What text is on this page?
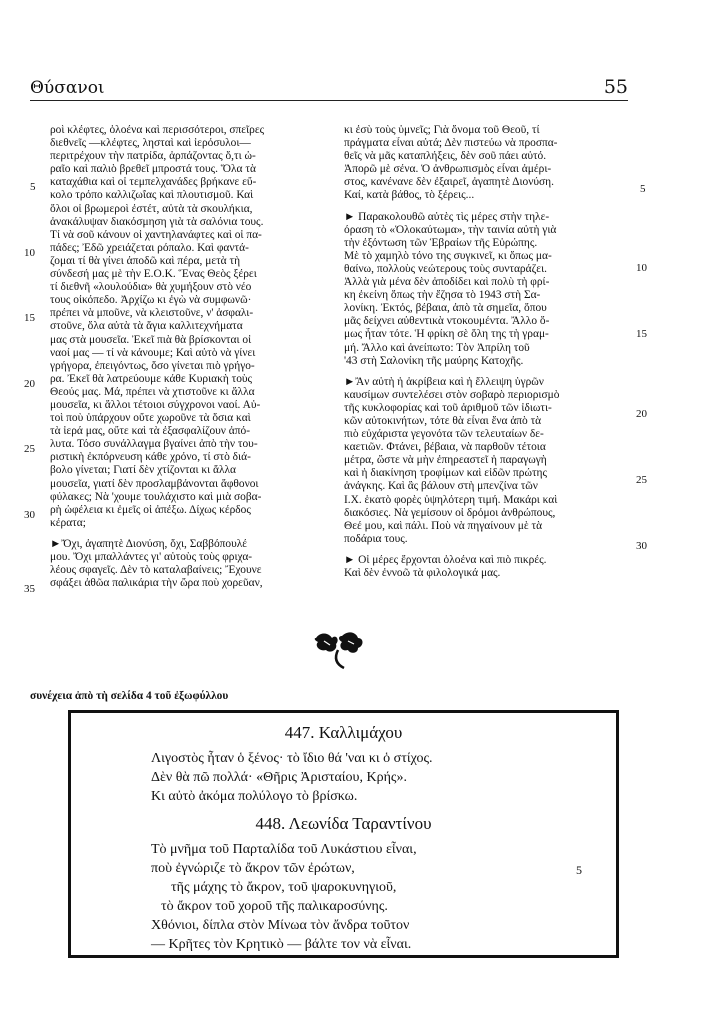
Θύσανοι	55
ροὶ κλέφτες, ὁλοένα καὶ περισσότεροι, σπεῖρες
διεθνεῖς —κλέφτες, λησταὶ καὶ ἱερόσυλοι—
περιτρέχουν τὴν πατρίδα, ἁρπάζοντας ὅ,τι ὡ-
ραῖο καὶ παλιὸ βρεθεῖ μπροστά τους. Ὅλα τὰ
καταχάθια καὶ οἱ τεμπελχανάδες βρήκανε εὔ-
κολο τρόπο καλλιζωΐας καὶ πλουτισμοῦ. Καὶ
ὅλοι οἱ βρωμεροὶ ἐστέτ, αὐτὰ τὰ σκουλήκια,
ἀνακάλυψαν διακόσμηση γιὰ τὰ σαλόνια τους.
Τί νὰ σοῦ κάνουν οἱ χαντηλανάφτες καὶ οἱ πα-
πάδες; Ἐδῶ χρειάζεται ρόπαλο. Καὶ φαντά-
ζομαι τί θὰ γίνει ἀποδῶ καὶ πέρα, μετὰ τὴ
σύνδεσή μας μὲ τὴν Ε.Ο.Κ. Ἕνας Θεὸς ξέρει
τί διεθνῆ «λουλούδια» θὰ χυμήξουν στὸ νέο
τους οἰκόπεδο. Ἀρχίζω κι ἐγὼ νὰ συμφωνῶ·
πρέπει νὰ μποῦνε, νὰ κλειστοῦνε, ν' ἀσφαλι-
στοῦνε, ὅλα αὐτὰ τὰ ἅγια καλλιτεχνήματα
μας στὰ μουσεῖα. Ἐκεῖ πιὰ θὰ βρίσκονται οἱ
ναοί μας — τί νὰ κάνουμε; Καὶ αὐτὸ νὰ γίνει
γρήγορα, ἐπειγόντως, ὅσο γίνεται πιὸ γρήγο-
ρα. Ἐκεῖ θὰ λατρεύουμε κάθε Κυριακὴ τοὺς
Θεούς μας. Μά, πρέπει νὰ χτιστοῦνε κι ἄλλα
μουσεῖα, κι ἄλλοι τέτοιοι σύγχρονοι ναοί. Αὐ-
τοὶ ποὺ ὑπάρχουν οὔτε χωροῦνε τὰ ὅσια καὶ
τὰ ἱερά μας, οὔτε καὶ τὰ ἐξασφαλίζουν ἀπό-
λυτα. Τόσο συνάλλαγμα βγαίνει ἀπὸ τὴν του-
ριστικὴ ἐκπόρνευση κάθε χρόνο, τί στὸ διά-
βολο γίνεται; Γιατί δὲν χτίζονται κι ἄλλα
μουσεῖα, γιατί δὲν προσλαμβάνονται ἄφθονοι
φύλακες; Νὰ 'χουμε τουλάχιστο καὶ μιὰ σοβα-
ρὴ ὠφέλεια κι ἐμεῖς οἱ ἀπέξω. Δίχως κέρδος
κέρατα;
►Ὄχι, ἀγαπητὲ Διονύση, ὄχι, Σαββόπουλέ
μου. Ὄχι μπαλλάντες γι' αὐτοὺς τοὺς φριχα-
λέους σφαγεῖς. Δὲν τὸ καταλαβαίνεις; Ἔχουνε
σφάξει ἀθῶα παλικάρια τὴν ὥρα ποὺ χορεῦαν,
κι ἐσὺ τοὺς ὑμνεῖς; Γιὰ ὄνομα τοῦ Θεοῦ, τί
πράγματα εἶναι αὐτά; Δὲν πιστεύω νὰ προσπα-
θεῖς νὰ μᾶς καταπλήξεις, δὲν σοῦ πάει αὐτό.
Ἀπορῶ μὲ σένα. Ὁ ἀνθρωπισμὸς εἶναι ἀμέρι-
στος, κανένανε δὲν ἐξαιρεῖ, ἀγαπητὲ Διονύση.
Καί, κατὰ βάθος, τὸ ξέρεις...
► Παρακολουθῶ αὐτὲς τὶς μέρες στὴν τηλε-
όραση τὸ «Ὁλοκαύτωμα», τὴν ταινία αὐτὴ γιὰ
τὴν ἐξόντωση τῶν Ἑβραίων τῆς Εὐρώπης.
Μὲ τὸ χαμηλὸ τόνο της συγκινεῖ, κι ὅπως μα-
θαίνω, πολλοὺς νεώτερους τοὺς συνταράζει.
Ἀλλὰ γιὰ μένα δὲν ἀποδίδει καὶ πολὺ τὴ φρί-
κη ἐκείνη ὅπως τὴν ἔζησα τὸ 1943 στὴ Σα-
λονίκη. Ἐκτός, βέβαια, ἀπὸ τὰ σημεῖα, ὅπου
μᾶς δείχνει αὐθεντικὰ ντοκουμέντα. Ἄλλο ὅ-
μως ἦταν τότε. Ἡ φρίκη σὲ ὅλη της τὴ γραμ-
μή. Ἄλλο καὶ ἀνείπωτο: Τὸν Ἀπρίλη τοῦ
'43 στὴ Σαλονίκη τῆς μαύρης Κατοχῆς.
►Ἂν αὐτὴ ἡ ἀκρίβεια καὶ ἡ ἔλλειψη ὑγρῶν
καυσίμων συντελέσει στὸν σοβαρὸ περιορισμὸ
τῆς κυκλοφορίας καὶ τοῦ ἀριθμοῦ τῶν ἰδιωτι-
κῶν αὐτοκινήτων, τότε θὰ εἶναι ἕνα ἀπὸ τὰ
πιὸ εὐχάριστα γεγονότα τῶν τελευταίων δε-
καετιῶν. Φτάνει, βέβαια, νὰ παρθοῦν τέτοια
μέτρα, ὥστε νὰ μὴν ἐπηρεαστεῖ ἡ παραγωγὴ
καὶ ἡ διακίνηση τροφίμων καὶ εἰδῶν πρώτης
ἀνάγκης. Καὶ ἂς βάλουν στὴ μπενζίνα τῶν
Ι.Χ. ἑκατὸ φορὲς ὑψηλότερη τιμή. Μακάρι καὶ
διακόσιες. Νὰ γεμίσουν οἱ δρόμοι ἀνθρώπους,
Θεέ μου, καὶ πάλι. Ποὺ νὰ πηγαίνουν μὲ τὰ
ποδάρια τους.
► Οἱ μέρες ἔρχονται ὁλοένα καὶ πιὸ πικρές.
Καὶ δὲν ἐννοῶ τὰ φιλολογικά μας.
5
10
15
20
25
30
35
5
10
15
20
25
30
συνέχεια ἀπὸ τὴ σελίδα 4 τοῦ ἐξωφύλλου
447. Καλλιμάχου
Λιγοστὸς ἦταν ὁ ξένος· τὸ ἴδιο θά 'ναι κι ὁ στίχος.
Δὲν θὰ πῶ πολλά· «Θῆρις Ἀρισταίου, Κρής».
Κι αὐτὸ ἀκόμα πολύλογο τὸ βρίσκω.
448. Λεωνίδα Ταραντίνου
Τὸ μνῆμα τοῦ Παρταλίδα τοῦ Λυκάστιου εἶναι,
ποὺ ἐγνώριζε τὸ ἄκρον τῶν ἐρώτων,
τῆς μάχης τὸ ἄκρον, τοῦ ψαροκυνηγιοῦ,
τὸ ἄκρον τοῦ χοροῦ τῆς παλικαροσύνης.
Χθόνιοι, δίπλα στὸν Μίνωα τὸν ἄνδρα τοῦτον
— Κρῆτες τὸν Κρητικὸ — βάλτε τον νὰ εἶναι.
5
